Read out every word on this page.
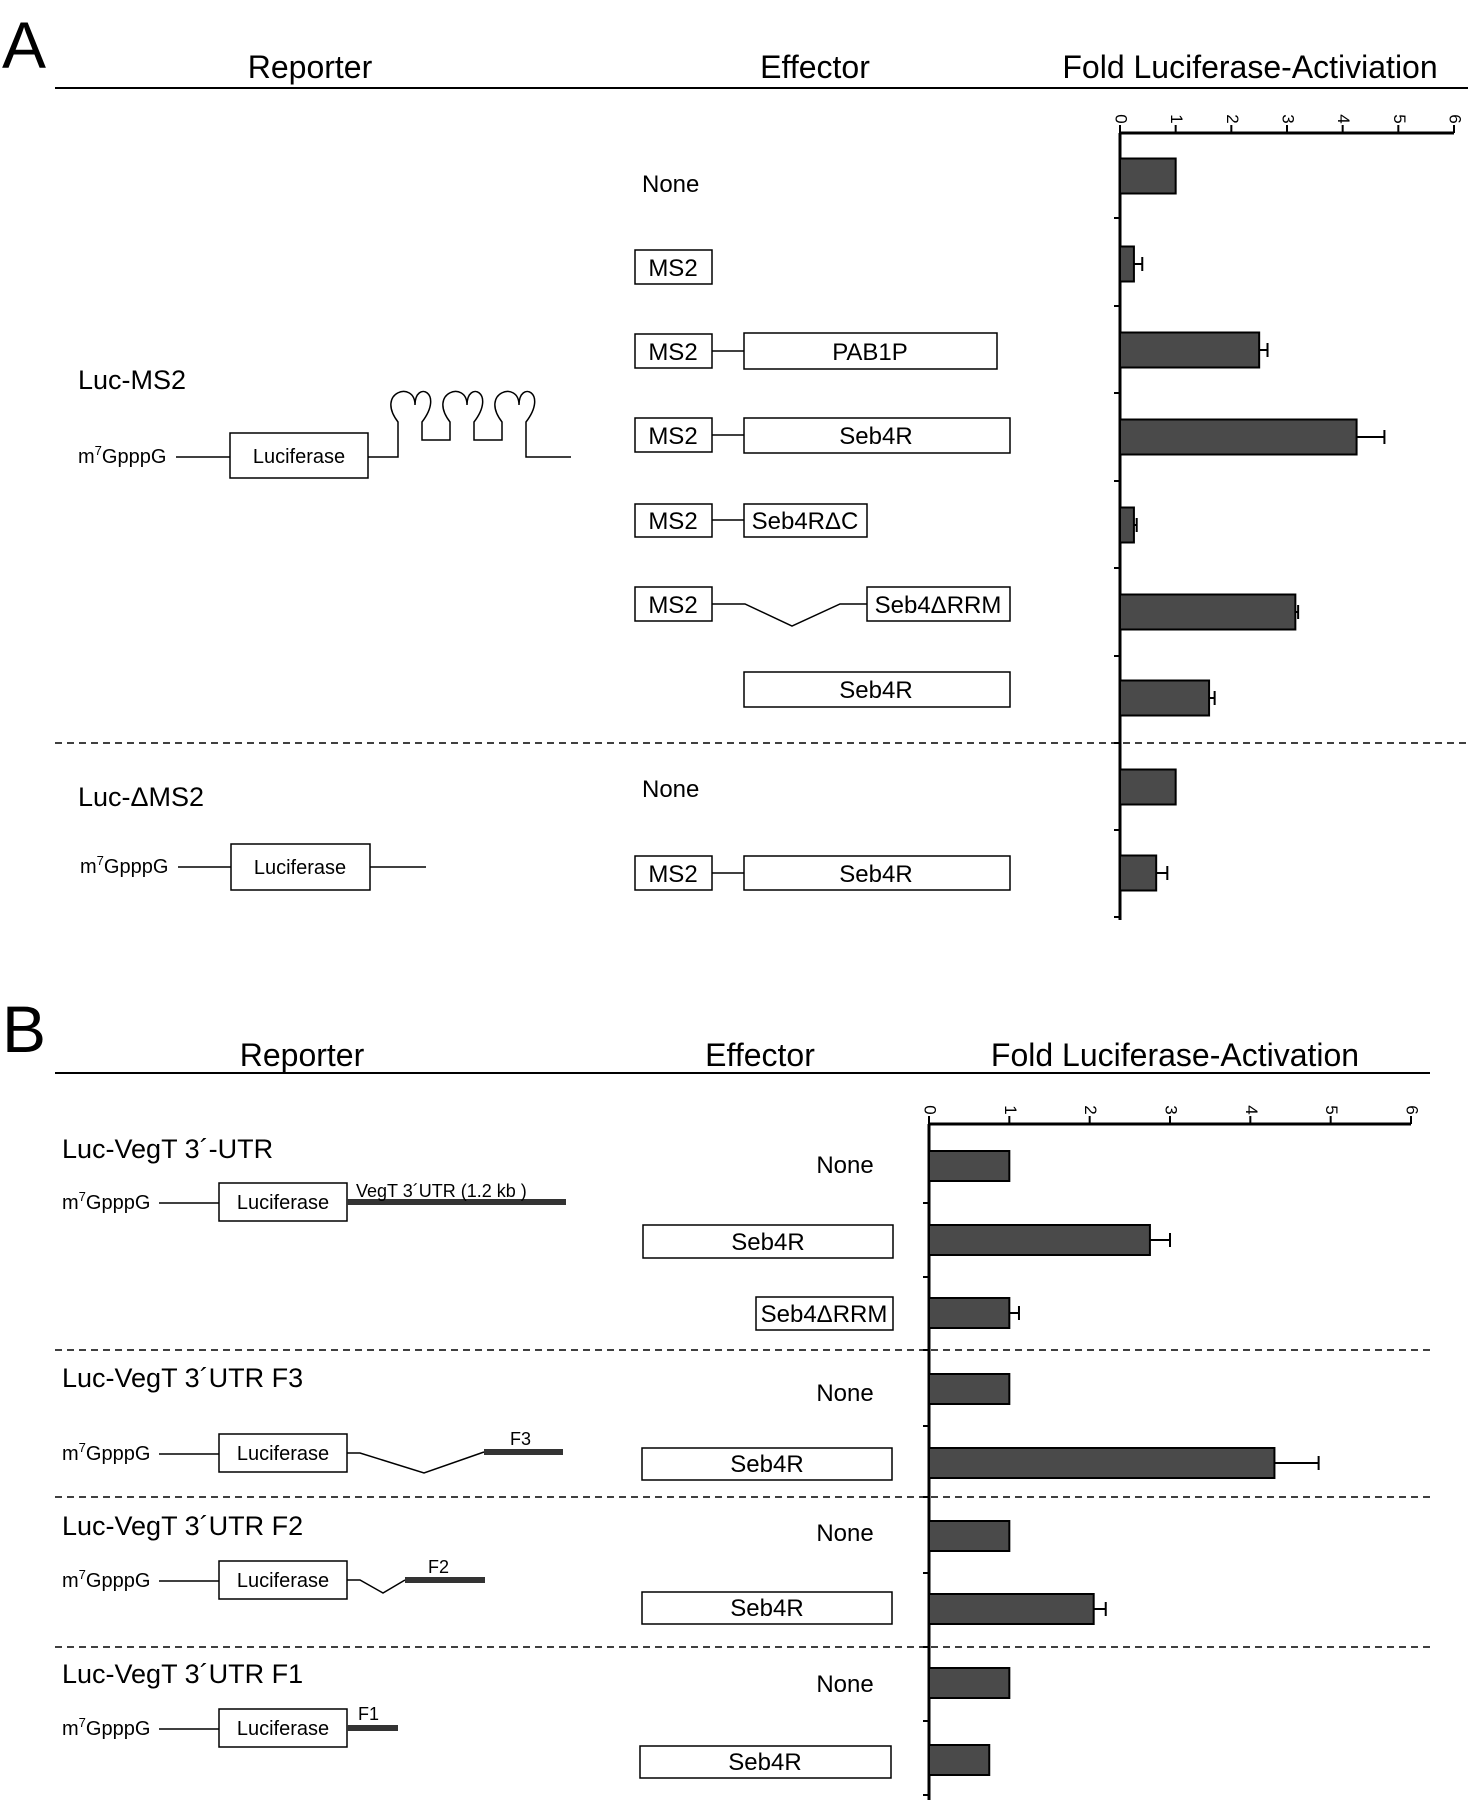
A	Reporter	Effector	Fold Luciferase-Activiation
Luc-MS2
$m^7GpppG$	Luciferase
Luc-ΔMS2
$m^7GpppG$	Luciferase
None
MS2
MS2	PAB1P
MS2	Seb4R
MS2 Seb4RΔC
MS2	Seb4ΔRRM
Seb4R
None
MS2	Seb4R
0 1 2 3 4 5 6
B	Reporter	Effector	Fold Luciferase-Activation
Luc-VegT 3´-UTR
$m^7GpppG$	Luciferase
VegT 3´UTR (1.2 kb )
Luc-VegT 3´UTR F3
$m^7GpppG$	Luciferase
F3
Luc-VegT 3´UTR F2
$m^7GpppG$	Luciferase
F2
Luc-VegT 3´UTR F1
$m^7GpppG$	Luciferase
F1
None
Seb4R
Seb4ΔRRM
None
Seb4R
None
Seb4R
None
Seb4R
0	1	2	3	4	5	6
